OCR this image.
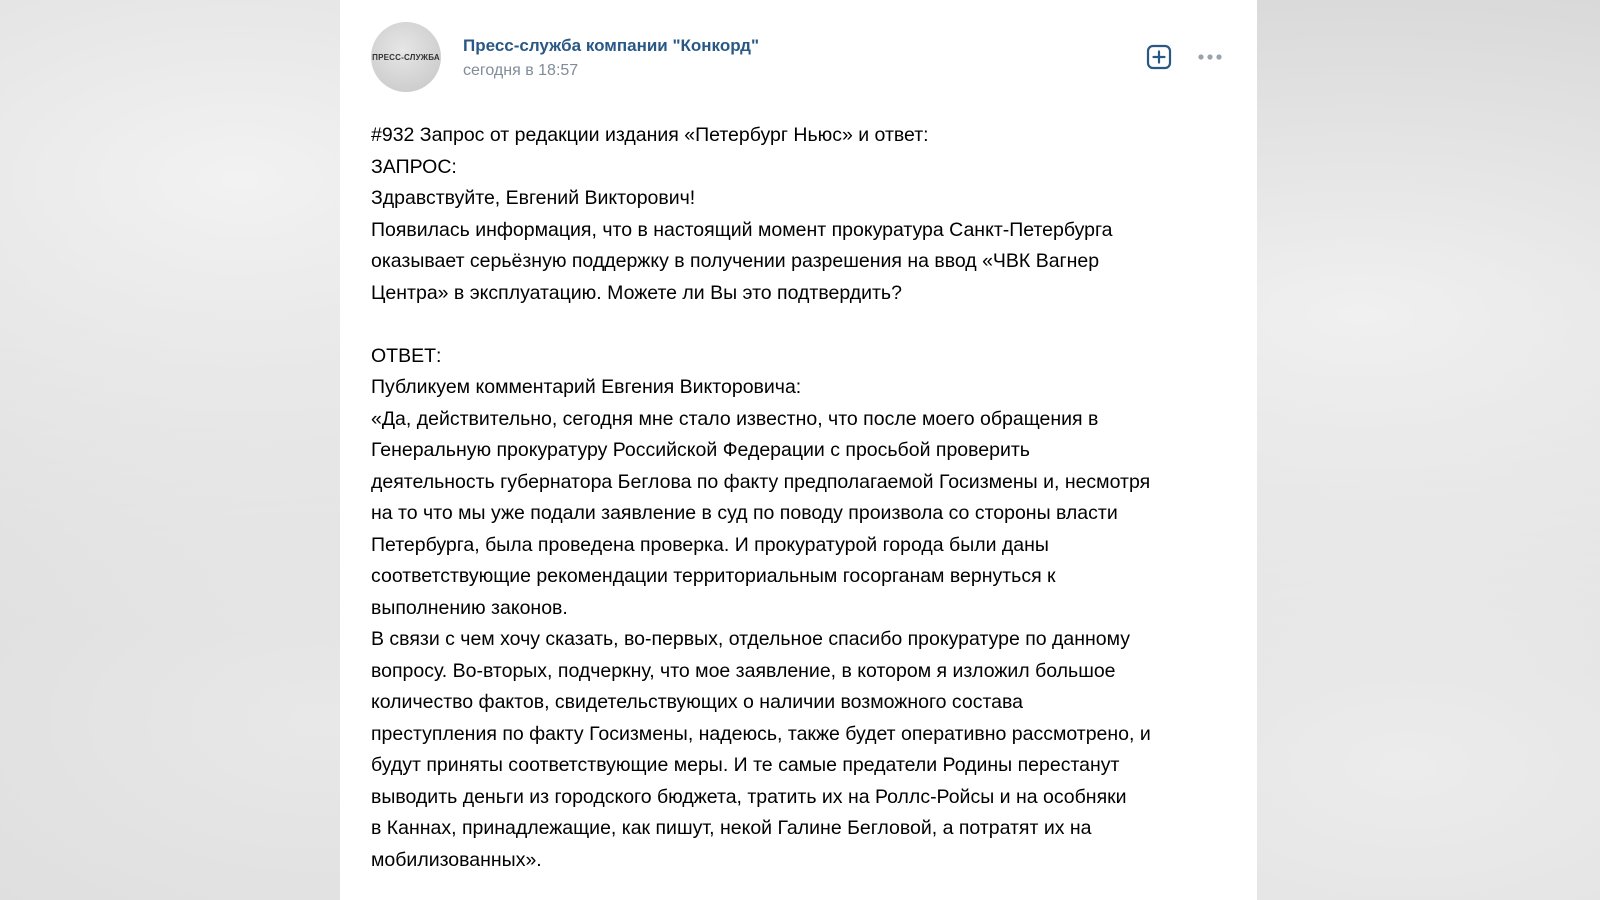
ПРЕСС-СЛУЖБА
Пресс-служба компании "Конкорд"
сегодня в 18:57

#932 Запрос от редакции издания «Петербург Ньюс» и ответ:

ЗАПРОС:

Здравствуйте, Евгений Викторович!

Появилась информация, что в настоящий момент прокуратура Санкт-Петербурга

оказывает серьёзную поддержку в получении разрешения на ввод «ЧВК Вагнер

Центра» в эксплуатацию. Можете ли Вы это подтвердить?

ОТВЕТ:

Публикуем комментарий Евгения Викторовича:

«Да, действительно, сегодня мне стало известно, что после моего обращения в

Генеральную прокуратуру Российской Федерации с просьбой проверить

деятельность губернатора Беглова по факту предполагаемой Госизмены и, несмотря

на то что мы уже подали заявление в суд по поводу произвола со стороны власти

Петербурга, была проведена проверка. И прокуратурой города были даны

соответствующие рекомендации территориальным госорганам вернуться к

выполнению законов.

В связи с чем хочу сказать, во-первых, отдельное спасибо прокуратуре по данному

вопросу. Во-вторых, подчеркну, что мое заявление, в котором я изложил большое

количество фактов, свидетельствующих о наличии возможного состава

преступления по факту Госизмены, надеюсь, также будет оперативно рассмотрено, и

будут приняты соответствующие меры. И те самые предатели Родины перестанут

выводить деньги из городского бюджета, тратить их на Роллс-Ройсы и на особняки

в Каннах, принадлежащие, как пишут, некой Галине Бегловой, а потратят их на

мобилизованных».
